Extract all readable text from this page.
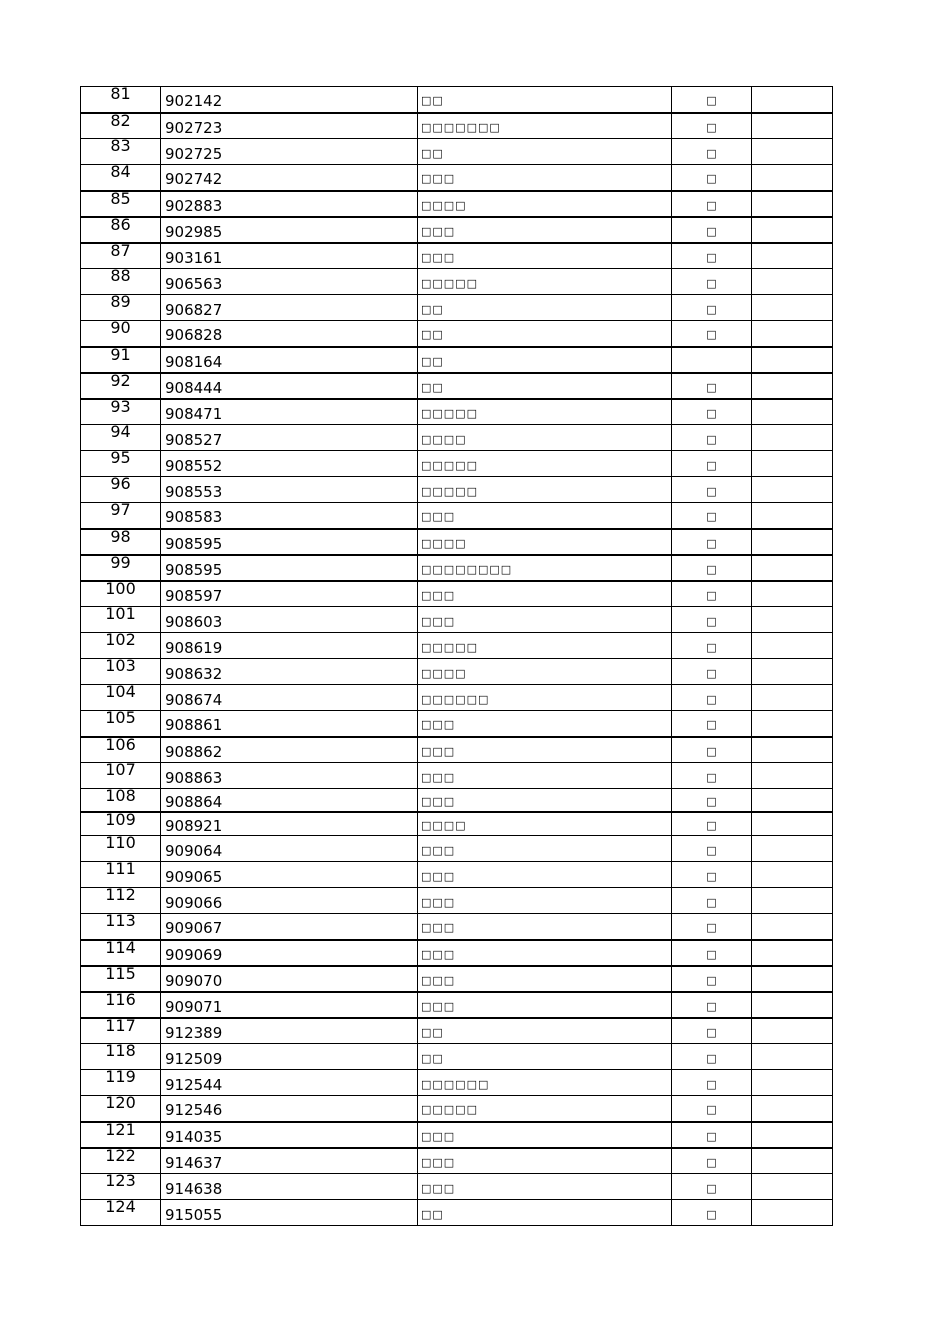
81	902142	□□	□	
82	902723	□□□□□□□	□	
83	902725	□□	□	
84	902742	□□□	□	
85	902883	□□□□	□	
86	902985	□□□	□	
87	903161	□□□	□	
88	906563	□□□□□	□	
89	906827	□□	□	
90	906828	□□	□	
91	908164	□□		
92	908444	□□	□	
93	908471	□□□□□	□	
94	908527	□□□□	□	
95	908552	□□□□□	□	
96	908553	□□□□□	□	
97	908583	□□□	□	
98	908595	□□□□	□	
99	908595	□□□□□□□□	□	
100	908597	□□□	□	
101	908603	□□□	□	
102	908619	□□□□□	□	
103	908632	□□□□	□	
104	908674	□□□□□□	□	
105	908861	□□□	□	
106	908862	□□□	□	
107	908863	□□□	□	
108	908864	□□□	□	
109	908921	□□□□	□	
110	909064	□□□	□	
111	909065	□□□	□	
112	909066	□□□	□	
113	909067	□□□	□	
114	909069	□□□	□	
115	909070	□□□	□	
116	909071	□□□	□	
117	912389	□□	□	
118	912509	□□	□	
119	912544	□□□□□□	□	
120	912546	□□□□□	□	
121	914035	□□□	□	
122	914637	□□□	□	
123	914638	□□□	□	
124	915055	□□	□	
